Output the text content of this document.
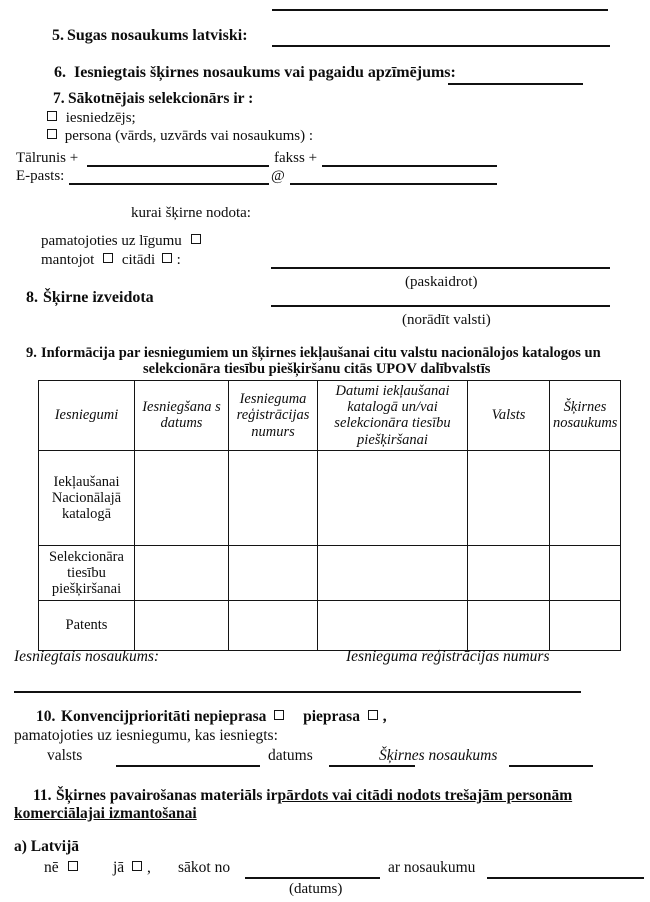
5. Sugas nosaukums latviski:
6. Iesniegtais šķirnes nosaukums vai pagaidu apzīmējums:
7. Sākotnējais selekcionārs ir :
iesniedzējs;
persona (vārds, uzvārds vai nosaukums) :
Tālrunis +	fakss +
E-pasts:	@
kurai šķirne nodota:
pamatojoties uz līgumu
mantojot citādi :
(paskaidrot)
8. Šķirne izveidota
(norādīt valsti)
9. Informācija par iesniegumiem un šķirnes iekļaušanai citu valstu nacionālojos katalogos un
selekcionāra tiesību piešķiršanu citās UPOV dalībvalstīs
Iesniegumi	Iesniegšana s datums	Iesnieguma reģistrācijas numurs	Datumi iekļaušanai katalogā un/vai selekcionāra tiesību piešķiršanai	Valsts	Šķirnes nosaukums
Iekļaušanai Nacionālajā katalogā					
Selekcionāra tiesību piešķiršanai					
Patents					
Iesniegtais nosaukums:	Iesnieguma reģistrācijas numurs
10. Konvencijprioritāti nepieprasa pieprasa ,
pamatojoties uz iesniegumu, kas iesniegts:
valsts	datums	Šķirnes nosaukums
11. Šķirnes pavairošanas materiāls irpārdots vai citādi nodots trešajām personām
komerciālajai izmantošanai
a) Latvijā
nē	jā , sākot no
(datums)
ar nosaukumu
